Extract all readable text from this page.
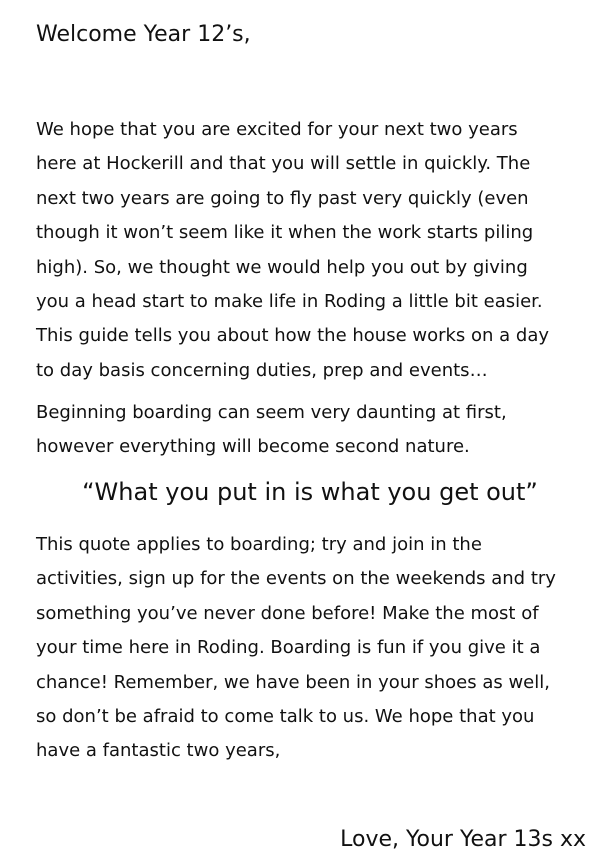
Welcome Year 12’s,
We hope that you are excited for your next two years
here at Hockerill and that you will settle in quickly. The
next two years are going to fly past very quickly (even
though it won’t seem like it when the work starts piling
high). So, we thought we would help you out by giving
you a head start to make life in Roding a little bit easier.
This guide tells you about how the house works on a day
to day basis concerning duties, prep and events…
Beginning boarding can seem very daunting at first,
however everything will become second nature.
“What you put in is what you get out”
This quote applies to boarding; try and join in the
activities, sign up for the events on the weekends and try
something you’ve never done before! Make the most of
your time here in Roding. Boarding is fun if you give it a
chance! Remember, we have been in your shoes as well,
so don’t be afraid to come talk to us. We hope that you
have a fantastic two years,
Love, Your Year 13s xx
